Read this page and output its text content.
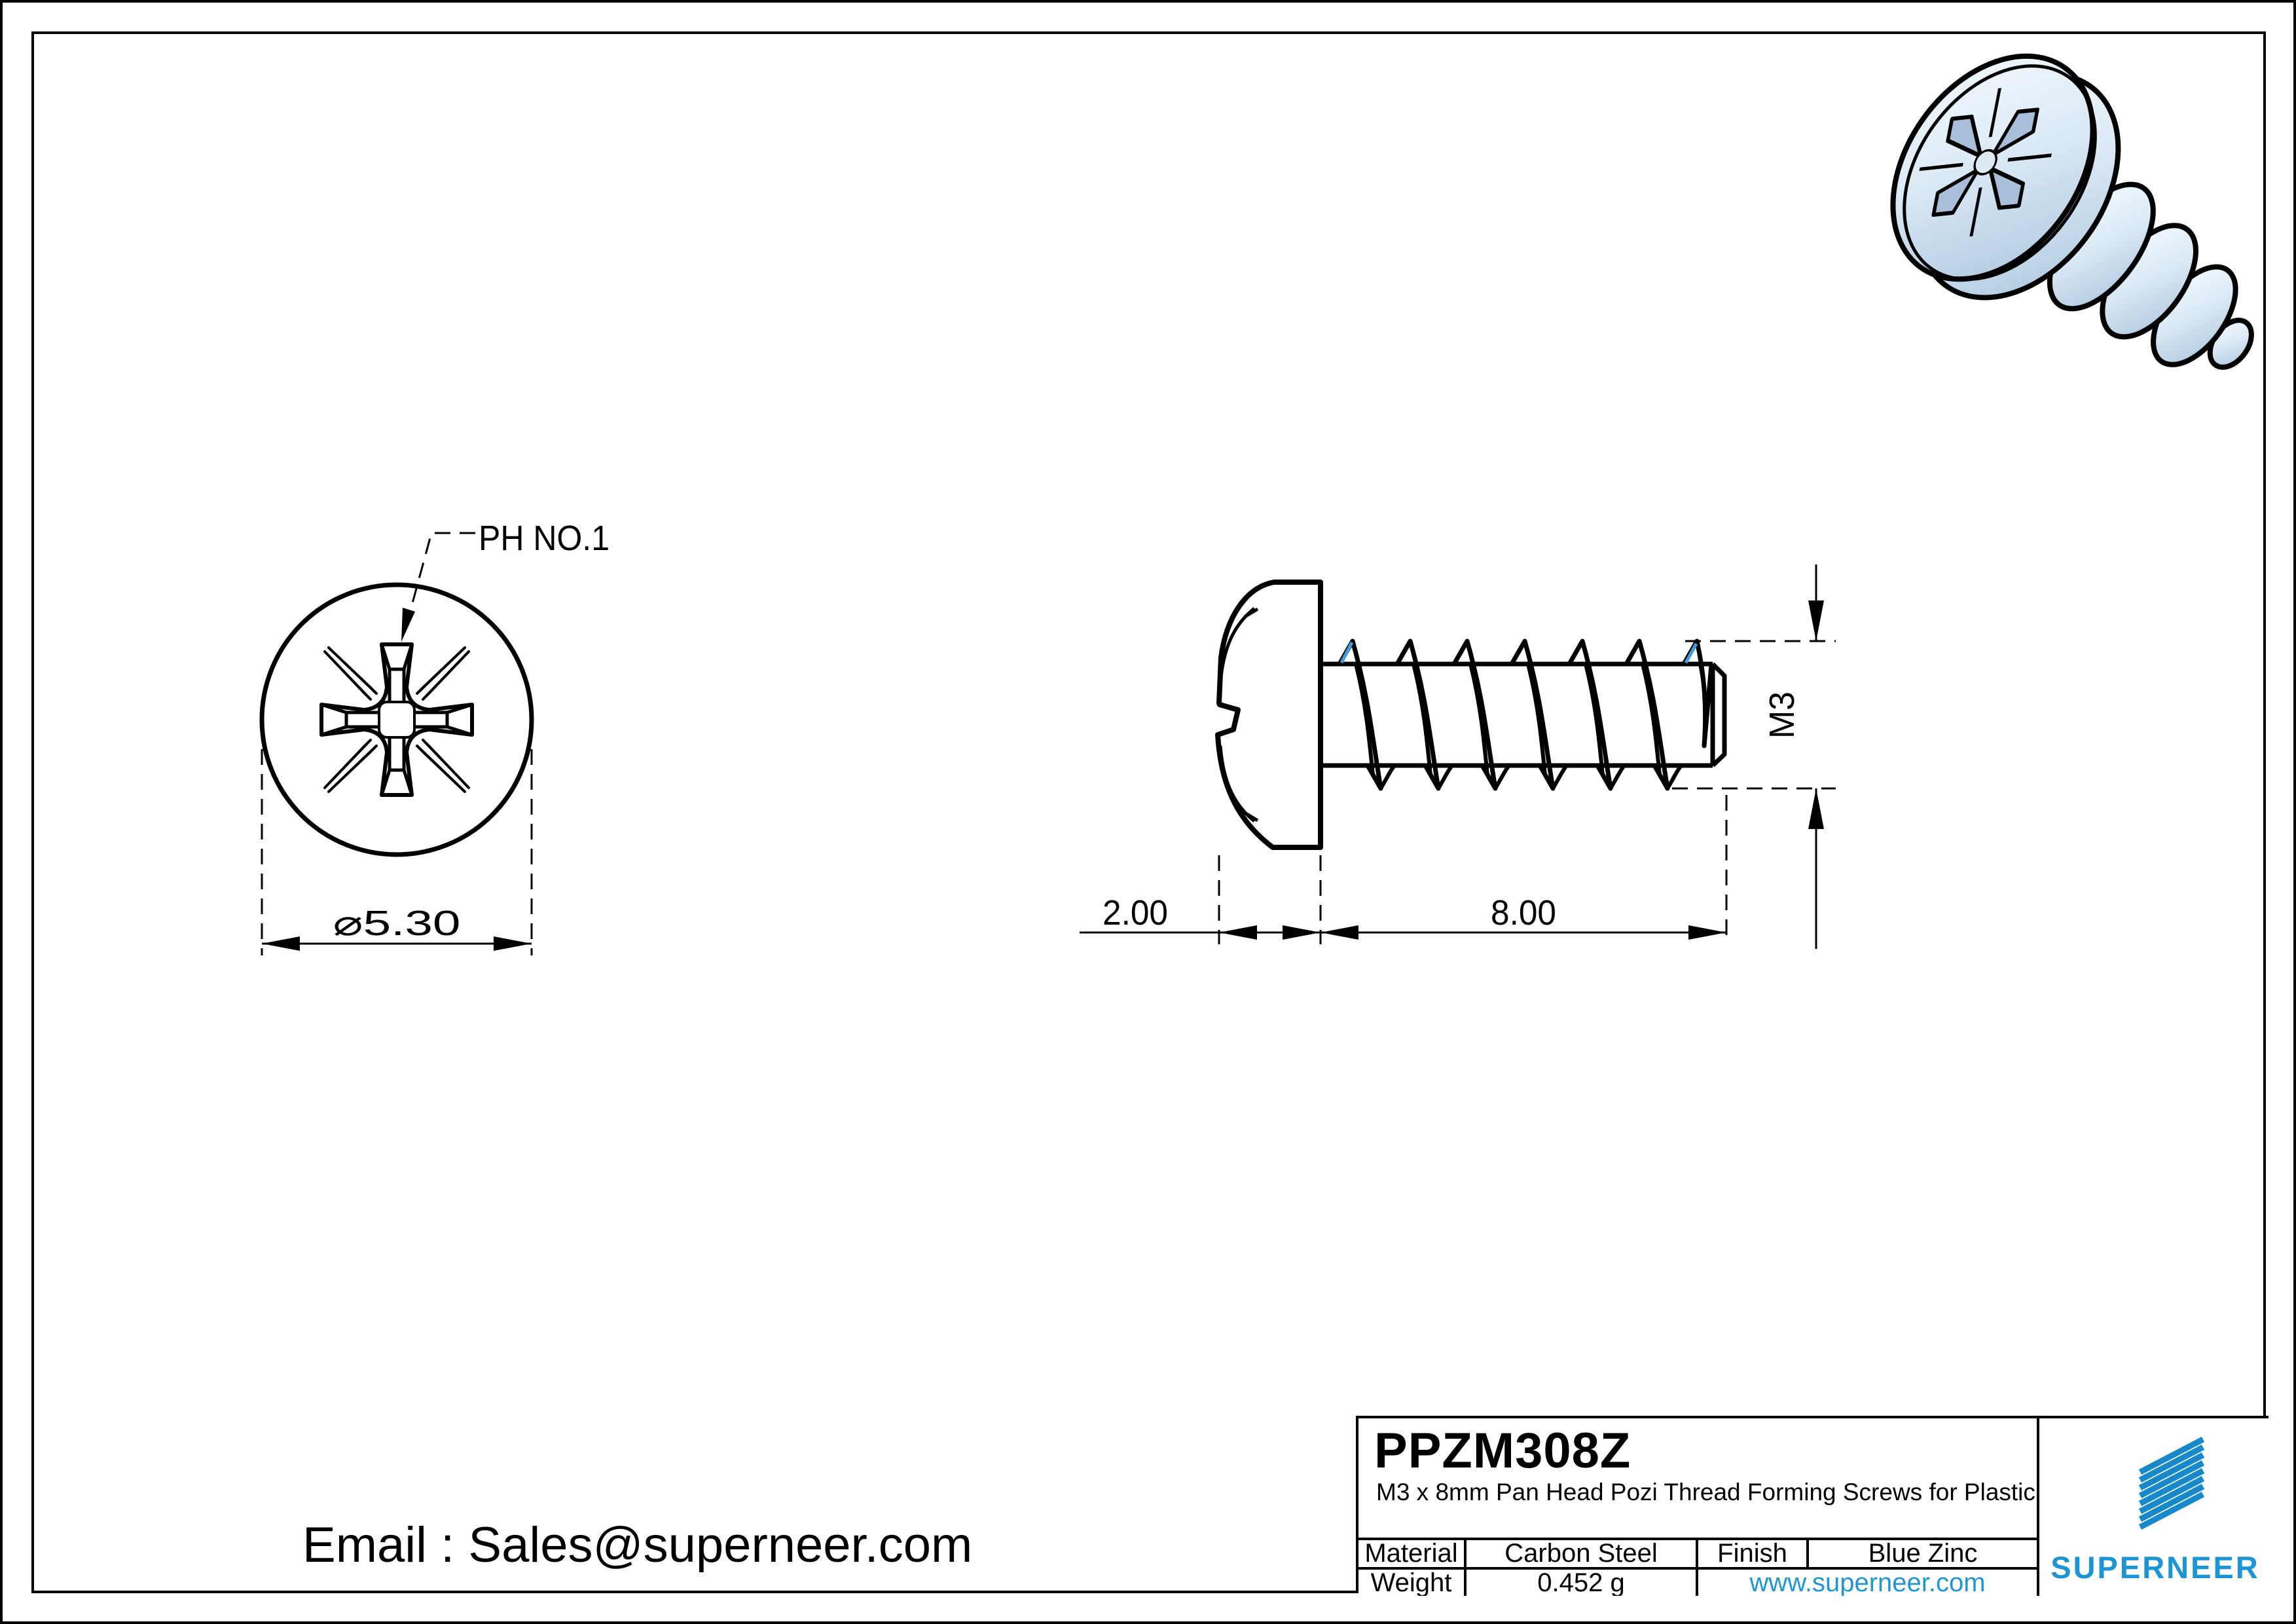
PH NO.1
⌀5.30
M3
2.00	8.00
PPZM308Z
M3 x 8mm Pan Head Pozi Thread Forming Screws for Plastic
Material	Carbon Steel	Finish	Blue Zinc
Weight	0.452 g	www.superneer.com	SUPERNEER
Email : Sales@superneer.com
